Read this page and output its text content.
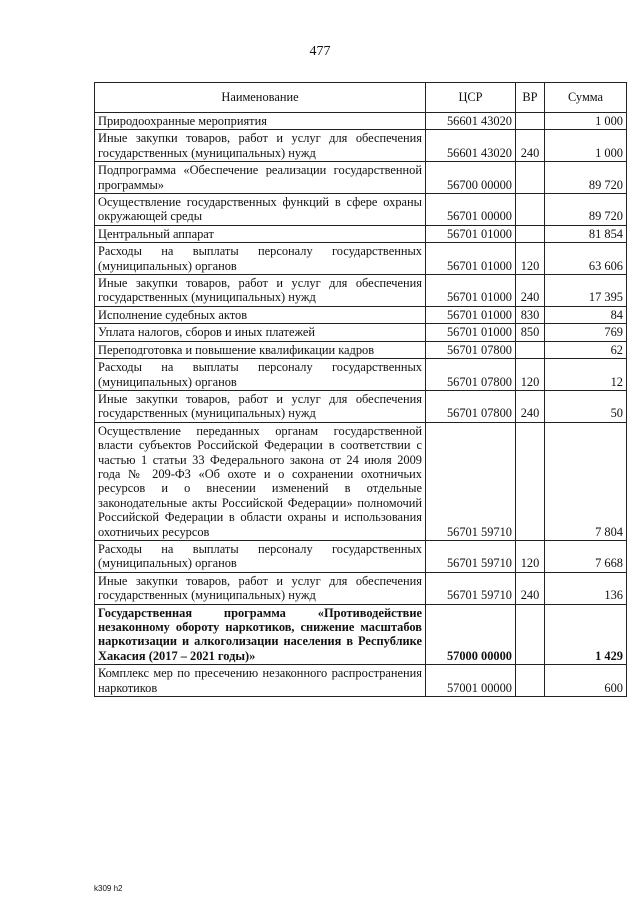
477
Наименование	ЦСР	ВР	Сумма
Природоохранные мероприятия	56601 43020		1 000
Иные закупки товаров, работ и услуг для обеспечения государственных (муниципальных) нужд	56601 43020	240	1 000
Подпрограмма «Обеспечение реализации государственной программы»	56700 00000		89 720
Осуществление государственных функций в сфере охраны окружающей среды	56701 00000		89 720
Центральный аппарат	56701 01000		81 854
Расходы на выплаты персоналу государственных (муниципальных) органов	56701 01000	120	63 606
Иные закупки товаров, работ и услуг для обеспечения государственных (муниципальных) нужд	56701 01000	240	17 395
Исполнение судебных актов	56701 01000	830	84
Уплата налогов, сборов и иных платежей	56701 01000	850	769
Переподготовка и повышение квалификации кадров	56701 07800		62
Расходы на выплаты персоналу государственных (муниципальных) органов	56701 07800	120	12
Иные закупки товаров, работ и услуг для обеспечения государственных (муниципальных) нужд	56701 07800	240	50
Осуществление переданных органам государственной власти субъектов Российской Федерации в соответствии с частью 1 статьи 33 Федерального закона от 24 июля 2009 года № 209-ФЗ «Об охоте и о сохранении охотничьих ресурсов и о внесении изменений в отдельные законодательные акты Российской Федерации» полномочий Российской Федерации в области охраны и использования охотничьих ресурсов	56701 59710		7 804
Расходы на выплаты персоналу государственных (муниципальных) органов	56701 59710	120	7 668
Иные закупки товаров, работ и услуг для обеспечения государственных (муниципальных) нужд	56701 59710	240	136
Государственная программа «Противодействие незаконному обороту наркотиков, снижение масштабов наркотизации и алкоголизации населения в Республике Хакасия (2017 – 2021 годы)»	57000 00000		1 429
Комплекс мер по пресечению незаконного распространения наркотиков	57001 00000		600
k309 h2
